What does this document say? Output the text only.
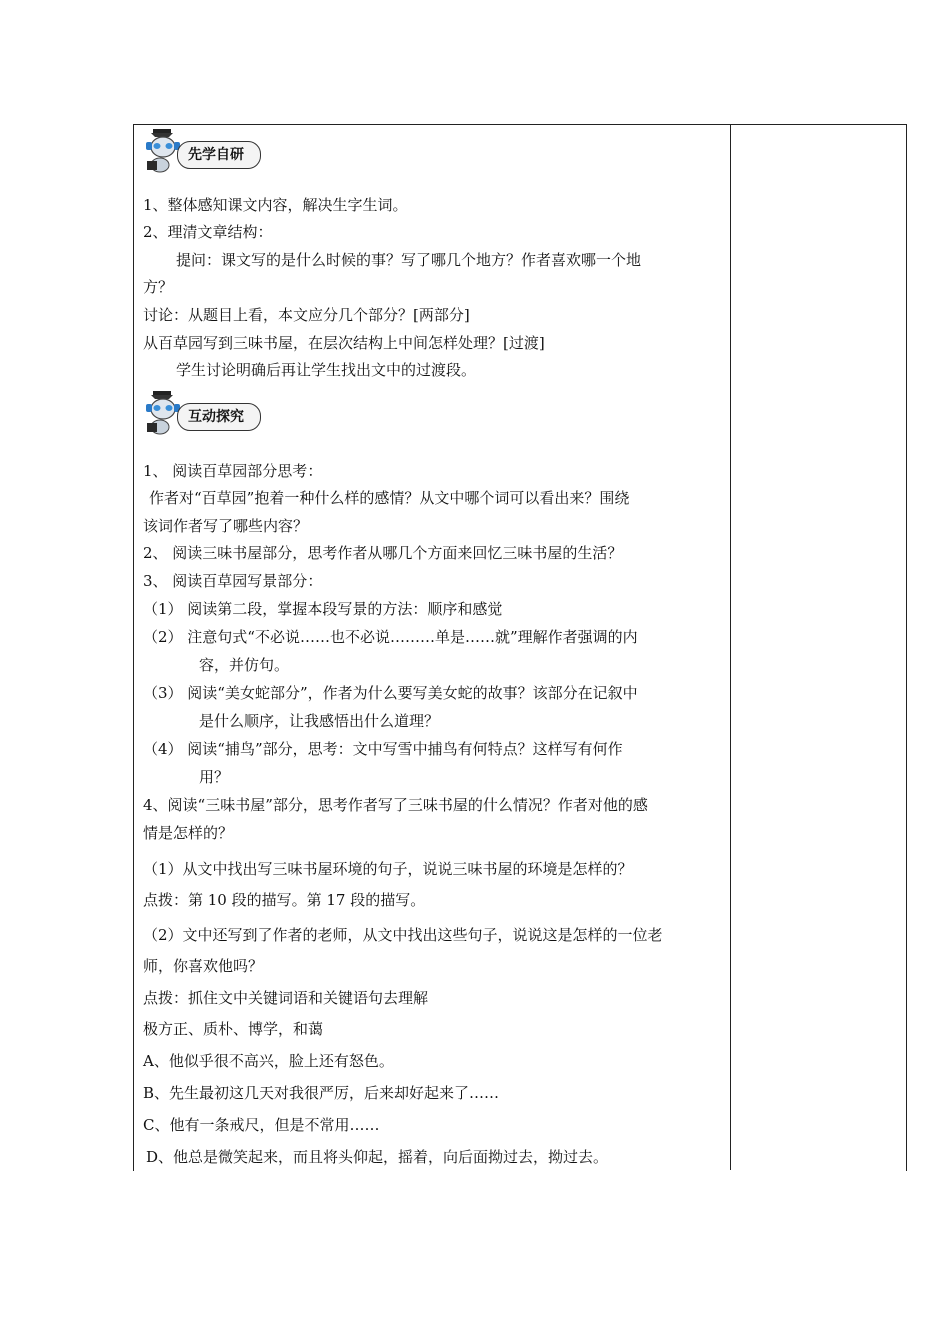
先学自研
互动探究
1、整体感知课文内容，解决生字生词。
2、理清文章结构：
提问：课文写的是什么时候的事？写了哪几个地方？作者喜欢哪一个地
方？
讨论：从题目上看，本文应分几个部分？[两部分]
从百草园写到三味书屋，在层次结构上中间怎样处理？[过渡]
学生讨论明确后再让学生找出文中的过渡段。
1、 阅读百草园部分思考：
作者对“百草园”抱着一种什么样的感情？从文中哪个词可以看出来？围绕
该词作者写了哪些内容？
2、 阅读三味书屋部分，思考作者从哪几个方面来回忆三味书屋的生活？
3、 阅读百草园写景部分：
（1） 阅读第二段，掌握本段写景的方法：顺序和感觉
（2） 注意句式“不必说……也不必说………单是……就”理解作者强调的内
容，并仿句。
（3） 阅读“美女蛇部分”，作者为什么要写美女蛇的故事？该部分在记叙中
是什么顺序，让我感悟出什么道理？
（4） 阅读“捕鸟”部分，思考：文中写雪中捕鸟有何特点？这样写有何作
用？
4、阅读“三味书屋”部分，思考作者写了三味书屋的什么情况？作者对他的感
情是怎样的？
（1）从文中找出写三味书屋环境的句子，说说三味书屋的环境是怎样的？
点拨：第 10 段的描写。第 17 段的描写。
（2）文中还写到了作者的老师，从文中找出这些句子，说说这是怎样的一位老
师，你喜欢他吗？
点拨：抓住文中关键词语和关键语句去理解
极方正、质朴、博学，和蔼
A、他似乎很不高兴，脸上还有怒色。
B、先生最初这几天对我很严厉，后来却好起来了……
C、他有一条戒尺，但是不常用……
D、他总是微笑起来，而且将头仰起，摇着，向后面拗过去，拗过去。
